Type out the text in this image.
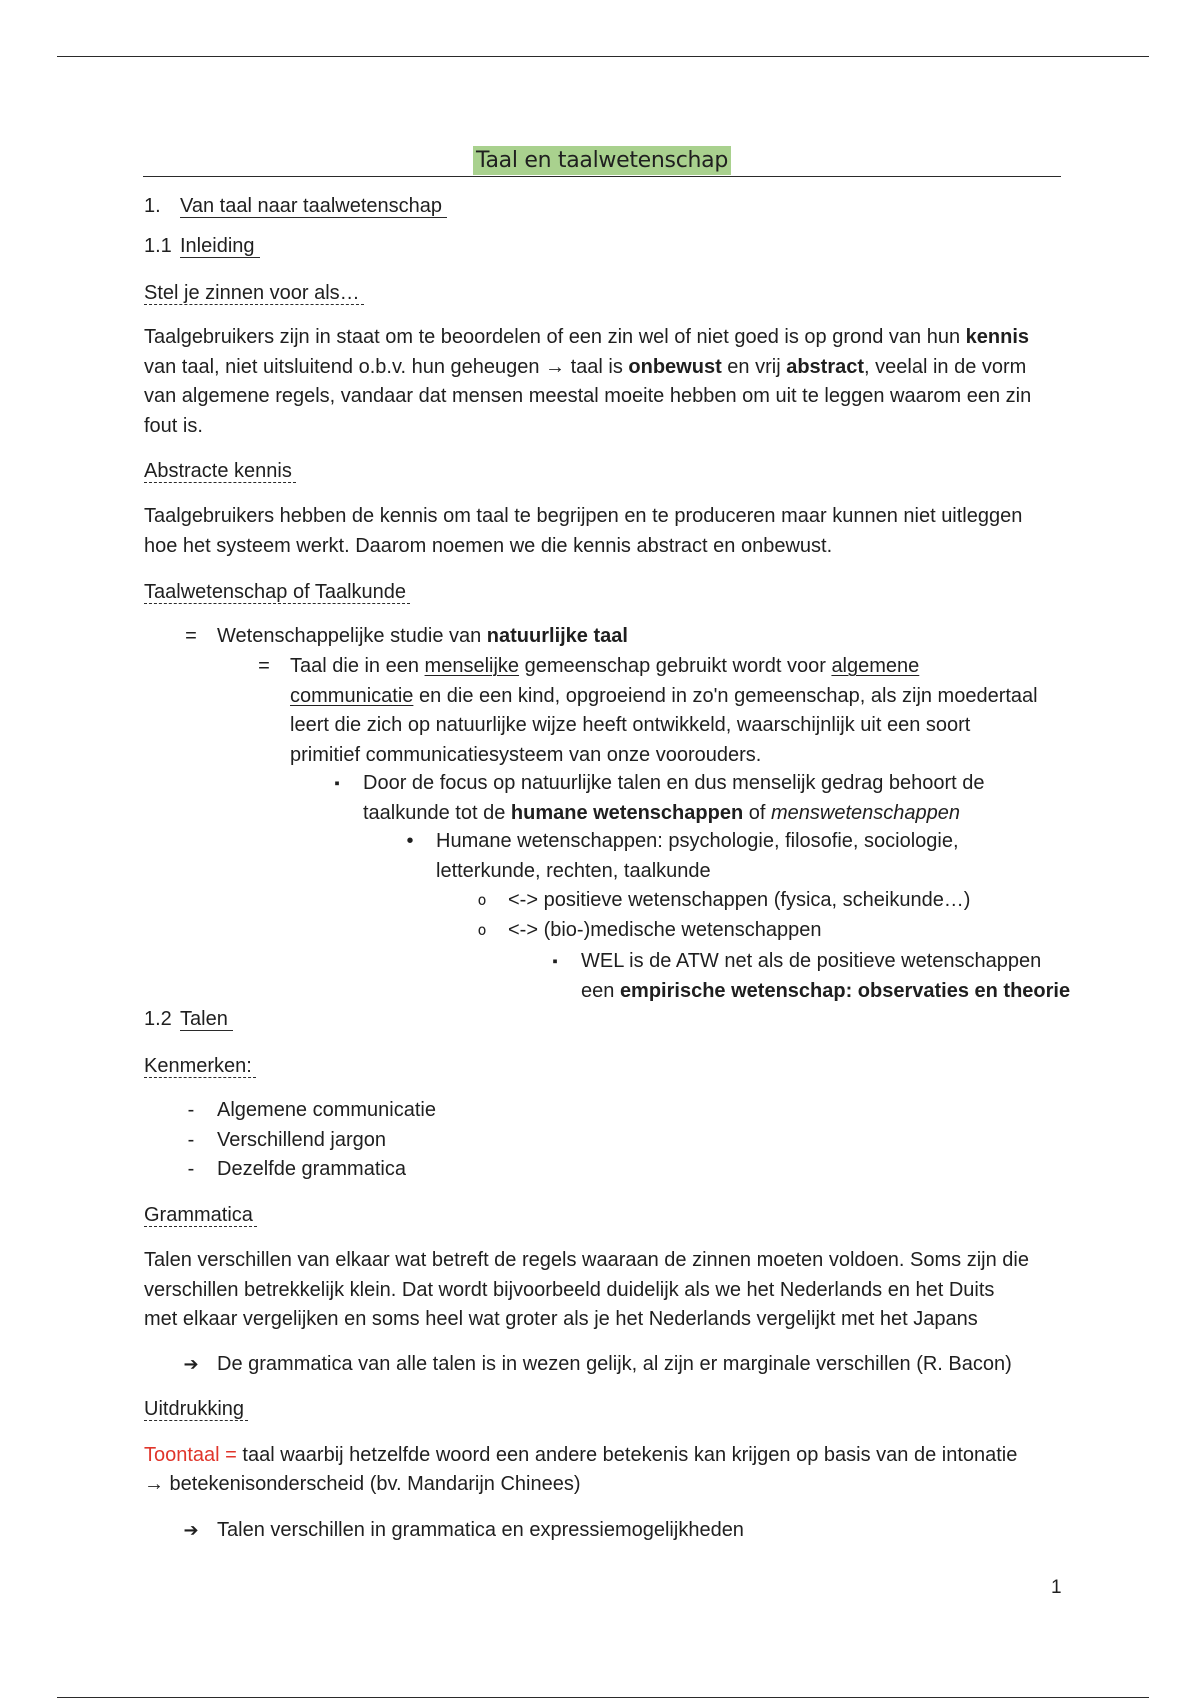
Taal en taalwetenschap
1. Van taal naar taalwetenschap
1.1 Inleiding
Stel je zinnen voor als…
Taalgebruikers zijn in staat om te beoordelen of een zin wel of niet goed is op grond van hun kennis
van taal, niet uitsluitend o.b.v. hun geheugen → taal is onbewust en vrij abstract, veelal in de vorm
van algemene regels, vandaar dat mensen meestal moeite hebben om uit te leggen waarom een zin
fout is.
Abstracte kennis
Taalgebruikers hebben de kennis om taal te begrijpen en te produceren maar kunnen niet uitleggen
hoe het systeem werkt. Daarom noemen we die kennis abstract en onbewust.
Taalwetenschap of Taalkunde
=	Wetenschappelijke studie van natuurlijke taal
=	Taal die in een menselijke gemeenschap gebruikt wordt voor algemene
communicatie en die een kind, opgroeiend in zo'n gemeenschap, als zijn moedertaal
leert die zich op natuurlijke wijze heeft ontwikkeld, waarschijnlijk uit een soort
primitief communicatiesysteem van onze voorouders.
▪	Door de focus op natuurlijke talen en dus menselijk gedrag behoort de
taalkunde tot de humane wetenschappen of menswetenschappen
•	Humane wetenschappen: psychologie, filosofie, sociologie,
letterkunde, rechten, taalkunde
o	<-> positieve wetenschappen (fysica, scheikunde…)
o	<-> (bio-)medische wetenschappen
▪	WEL is de ATW net als de positieve wetenschappen
een empirische wetenschap: observaties en theorie
1.2 Talen
Kenmerken:
-	Algemene communicatie
-	Verschillend jargon
-	Dezelfde grammatica
Grammatica
Talen verschillen van elkaar wat betreft de regels waaraan de zinnen moeten voldoen. Soms zijn die
verschillen betrekkelijk klein. Dat wordt bijvoorbeeld duidelijk als we het Nederlands en het Duits
met elkaar vergelijken en soms heel wat groter als je het Nederlands vergelijkt met het Japans
➔ De grammatica van alle talen is in wezen gelijk, al zijn er marginale verschillen (R. Bacon)
Uitdrukking
Toontaal = taal waarbij hetzelfde woord een andere betekenis kan krijgen op basis van de intonatie
→ betekenisonderscheid (bv. Mandarijn Chinees)
➔ Talen verschillen in grammatica en expressiemogelijkheden
1
